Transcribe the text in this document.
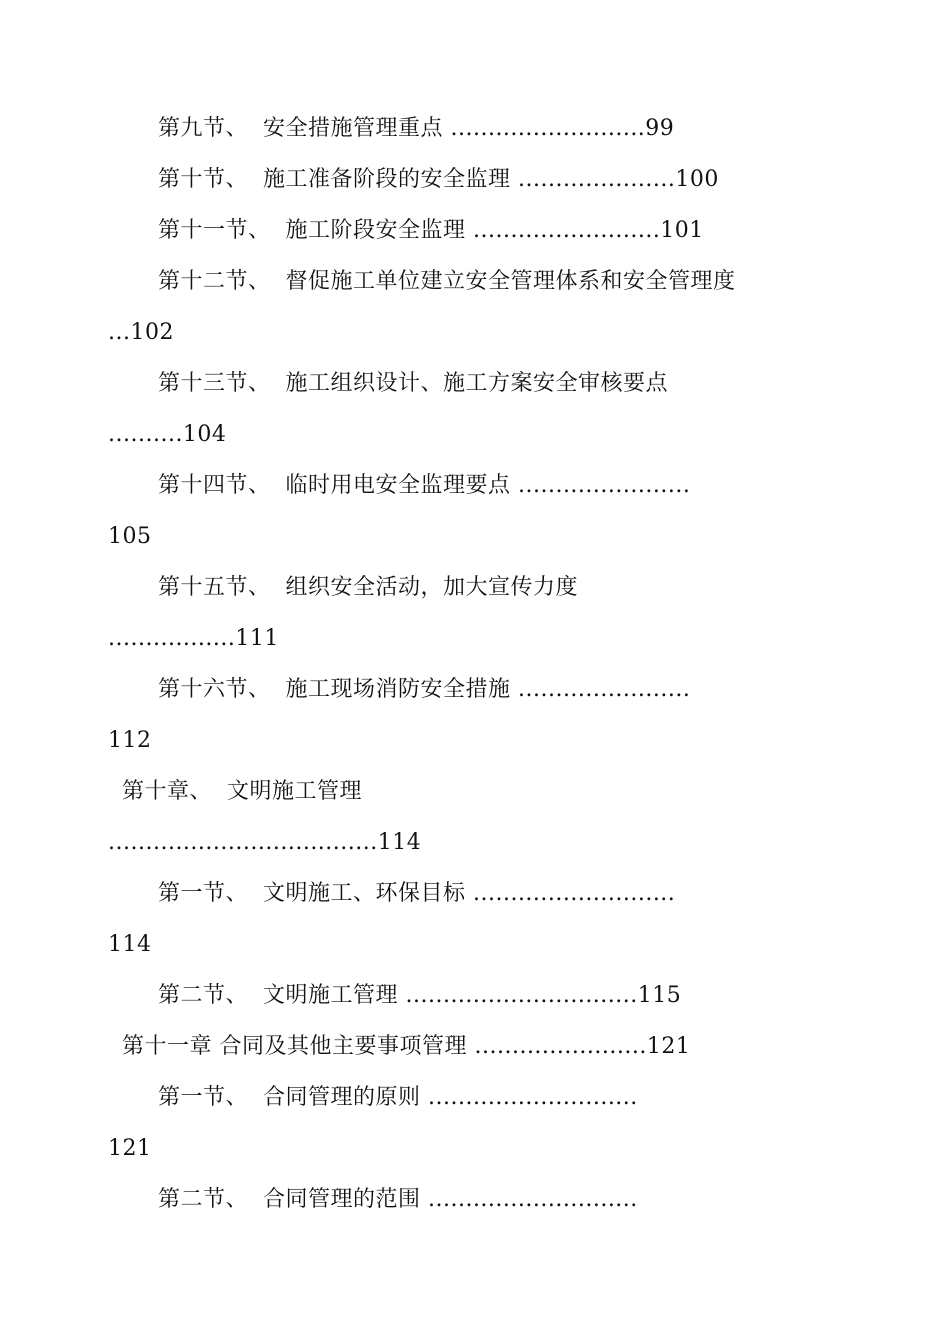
第九节、  安全措施管理重点 ..........................99
第十节、  施工准备阶段的安全监理 .....................100
第十一节、  施工阶段安全监理 .........................101
第十二节、  督促施工单位建立安全管理体系和安全管理度
...102
第十三节、  施工组织设计、施工方案安全审核要点
..........104
第十四节、  临时用电安全监理要点 .......................
105
第十五节、  组织安全活动，加大宣传力度
.................111
第十六节、  施工现场消防安全措施 .......................
112
第十章、  文明施工管理
....................................114
第一节、  文明施工、环保目标 ...........................
114
第二节、  文明施工管理 ...............................115
第十一章 合同及其他主要事项管理 .......................121
第一节、  合同管理的原则 ............................
121
第二节、  合同管理的范围 ............................
